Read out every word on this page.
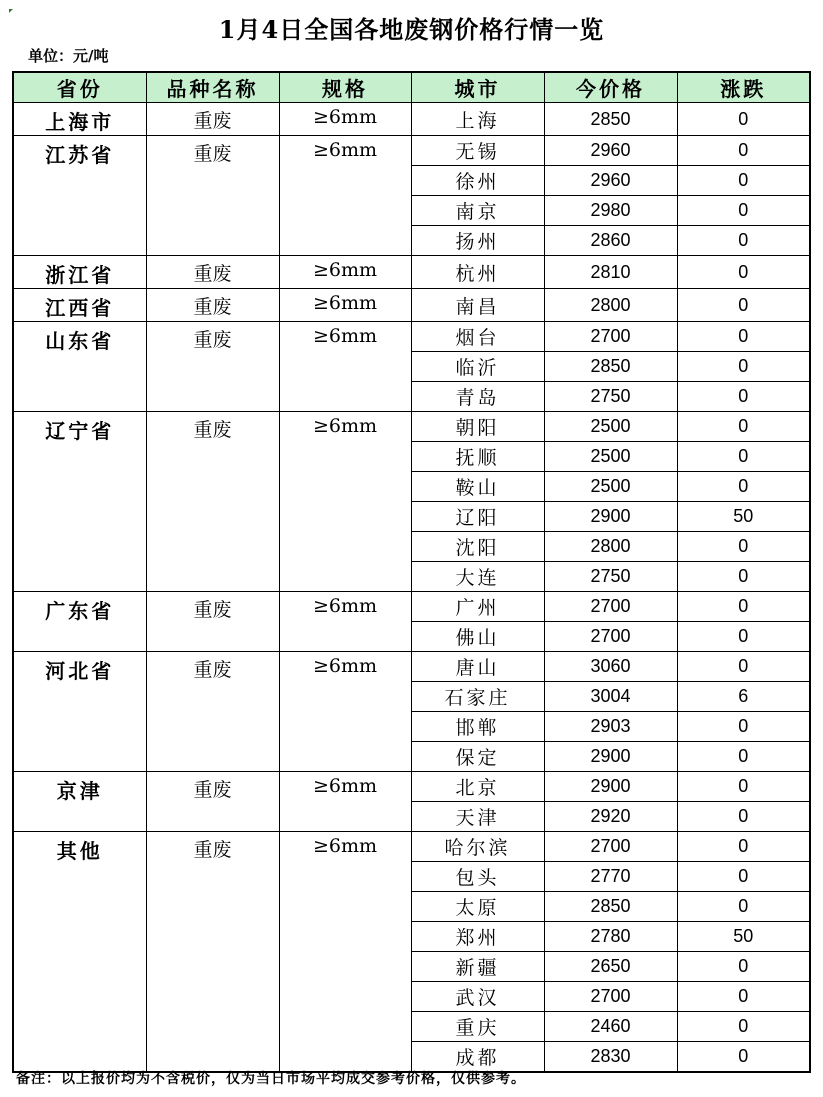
1月4日全国各地废钢价格行情一览
单位：元/吨
省份	品种名称	规格	城市	今价格	涨跌
上海市	重废	≥6mm	上海	2850	0
江苏省	重废	≥6mm	无锡	2960	0
			徐州	2960	0
			南京	2980	0
			扬州	2860	0
浙江省	重废	≥6mm	杭州	2810	0
江西省	重废	≥6mm	南昌	2800	0
山东省	重废	≥6mm	烟台	2700	0
			临沂	2850	0
			青岛	2750	0
辽宁省	重废	≥6mm	朝阳	2500	0
			抚顺	2500	0
			鞍山	2500	0
			辽阳	2900	50
			沈阳	2800	0
			大连	2750	0
广东省	重废	≥6mm	广州	2700	0
			佛山	2700	0
河北省	重废	≥6mm	唐山	3060	0
			石家庄	3004	6
			邯郸	2903	0
			保定	2900	0
京津	重废	≥6mm	北京	2900	0
			天津	2920	0
其他	重废	≥6mm	哈尔滨	2700	0
			包头	2770	0
			太原	2850	0
			郑州	2780	50
			新疆	2650	0
			武汉	2700	0
			重庆	2460	0
			成都	2830	0
备注：以上报价均为不含税价，仅为当日市场平均成交参考价格，仅供参考。
